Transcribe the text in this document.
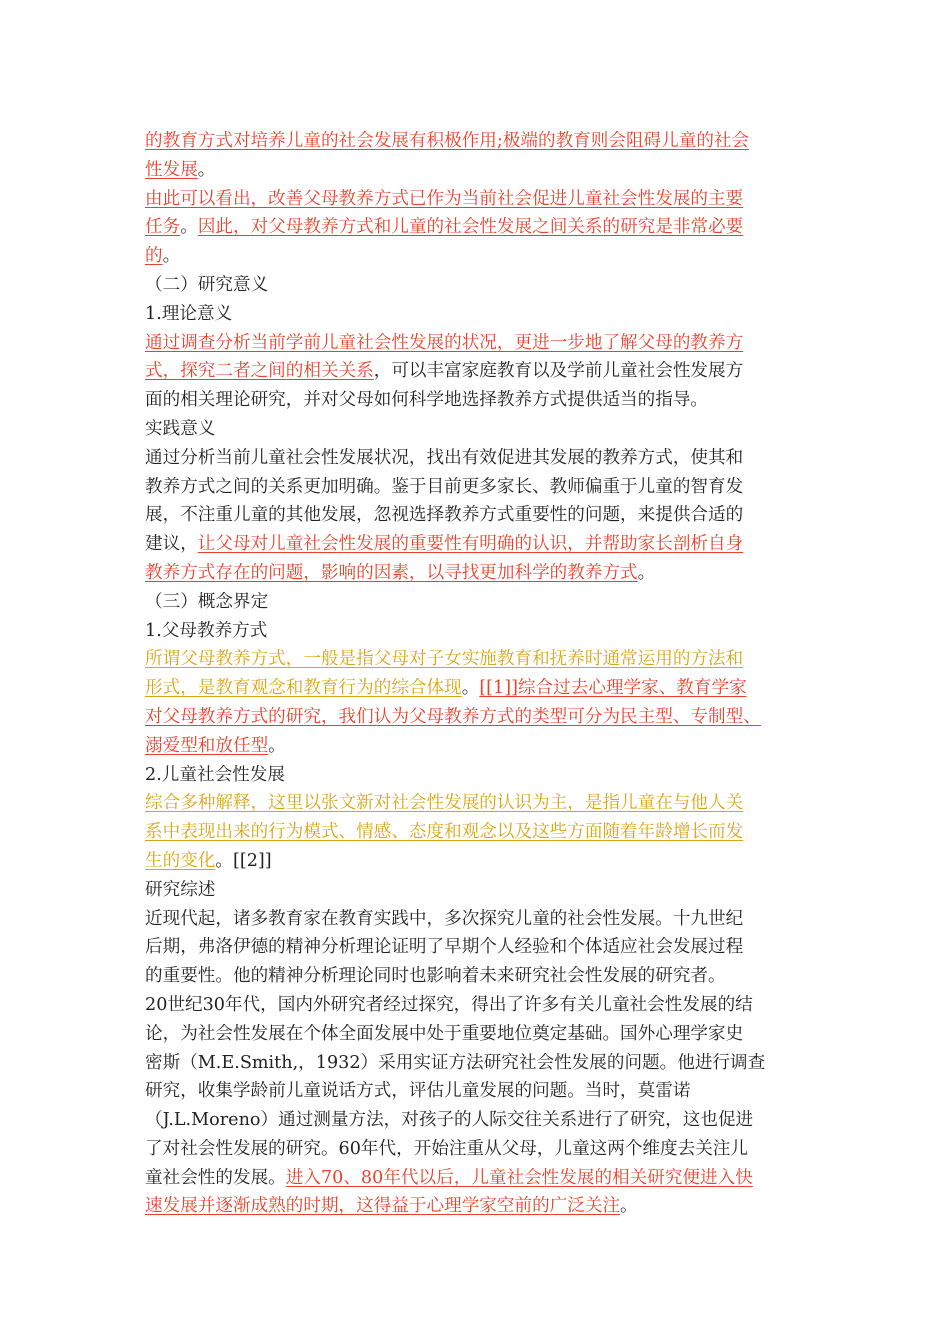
的教育方式对培养儿童的社会发展有积极作用;极端的教育则会阻碍儿童的社会
性发展。
由此可以看出，改善父母教养方式已作为当前社会促进儿童社会性发展的主要
任务。因此，对父母教养方式和儿童的社会性发展之间关系的研究是非常必要
的。
（二）研究意义
1.理论意义
通过调查分析当前学前儿童社会性发展的状况，更进一步地了解父母的教养方
式，探究二者之间的相关关系，可以丰富家庭教育以及学前儿童社会性发展方
面的相关理论研究，并对父母如何科学地选择教养方式提供适当的指导。
实践意义
通过分析当前儿童社会性发展状况，找出有效促进其发展的教养方式，使其和
教养方式之间的关系更加明确。鉴于目前更多家长、教师偏重于儿童的智育发
展，不注重儿童的其他发展，忽视选择教养方式重要性的问题，来提供合适的
建议，让父母对儿童社会性发展的重要性有明确的认识，并帮助家长剖析自身
教养方式存在的问题，影响的因素，以寻找更加科学的教养方式。
（三）概念界定
1.父母教养方式
所谓父母教养方式，一般是指父母对子女实施教育和抚养时通常运用的方法和
形式，是教育观念和教育行为的综合体现。[[1]]综合过去心理学家、教育学家
对父母教养方式的研究，我们认为父母教养方式的类型可分为民主型、专制型、
溺爱型和放任型。
2.儿童社会性发展
综合多种解释，这里以张文新对社会性发展的认识为主，是指儿童在与他人关
系中表现出来的行为模式、情感、态度和观念以及这些方面随着年龄增长而发
生的变化。[[2]]
研究综述
近现代起，诸多教育家在教育实践中，多次探究儿童的社会性发展。十九世纪
后期，弗洛伊德的精神分析理论证明了早期个人经验和个体适应社会发展过程
的重要性。他的精神分析理论同时也影响着未来研究社会性发展的研究者。
20世纪30年代，国内外研究者经过探究，得出了许多有关儿童社会性发展的结
论，为社会性发展在个体全面发展中处于重要地位奠定基础。国外心理学家史
密斯（M.E.Smith,，1932）采用实证方法研究社会性发展的问题。他进行调查
研究，收集学龄前儿童说话方式，评估儿童发展的问题。当时，莫雷诺
（J.L.Moreno）通过测量方法，对孩子的人际交往关系进行了研究，这也促进
了对社会性发展的研究。60年代，开始注重从父母，儿童这两个维度去关注儿
童社会性的发展。进入70、80年代以后，儿童社会性发展的相关研究便进入快
速发展并逐渐成熟的时期，这得益于心理学家空前的广泛关注。
